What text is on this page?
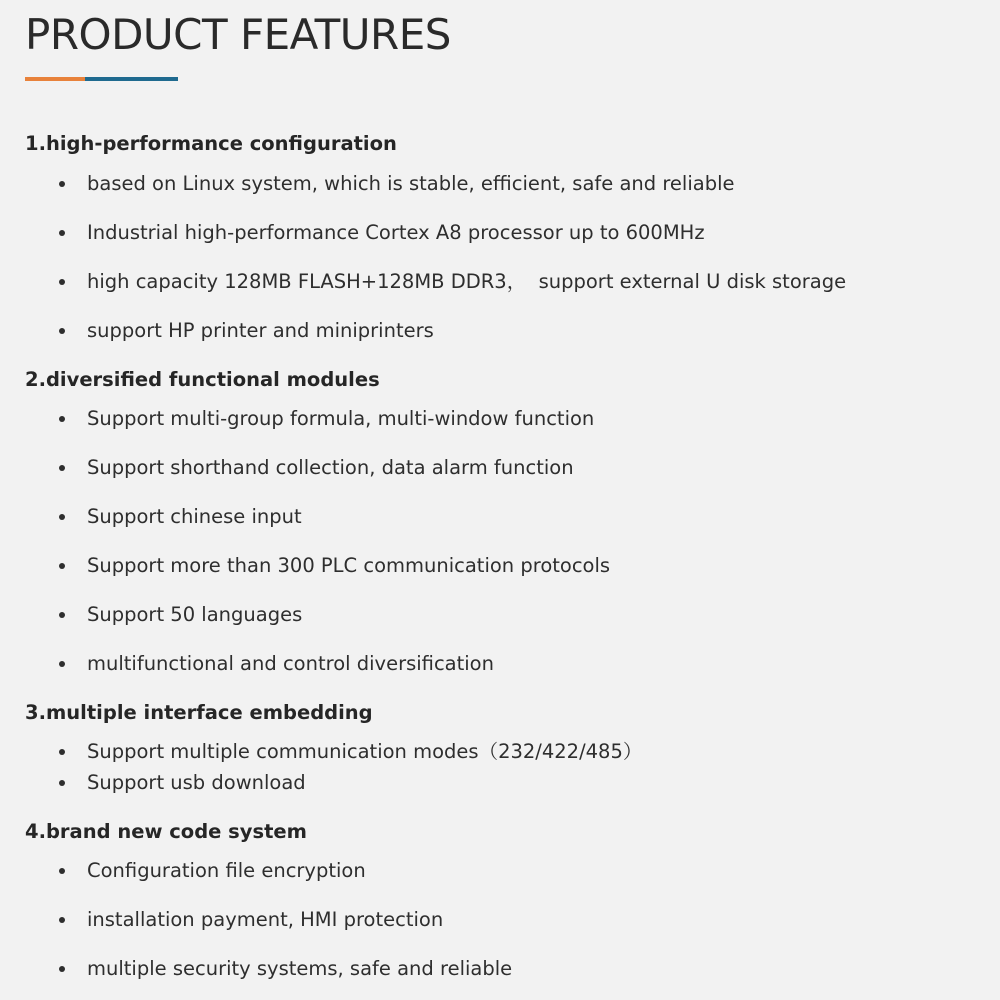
PRODUCT FEATURES
1.high-performance configuration
based on Linux system, which is stable, efficient, safe and reliable
Industrial high-performance Cortex A8 processor up to 600MHz
high capacity 128MB FLASH+128MB DDR3，  support external U disk storage
support HP printer and miniprinters
2.diversified functional modules
Support multi-group formula, multi-window function
Support shorthand collection, data alarm function
Support chinese input
Support more than 300 PLC communication protocols
Support 50 languages
multifunctional and control diversification
3.multiple interface embedding
Support multiple communication modes（232/422/485）
Support usb download
4.brand new code system
Configuration file encryption
installation payment, HMI protection
multiple security systems, safe and reliable
